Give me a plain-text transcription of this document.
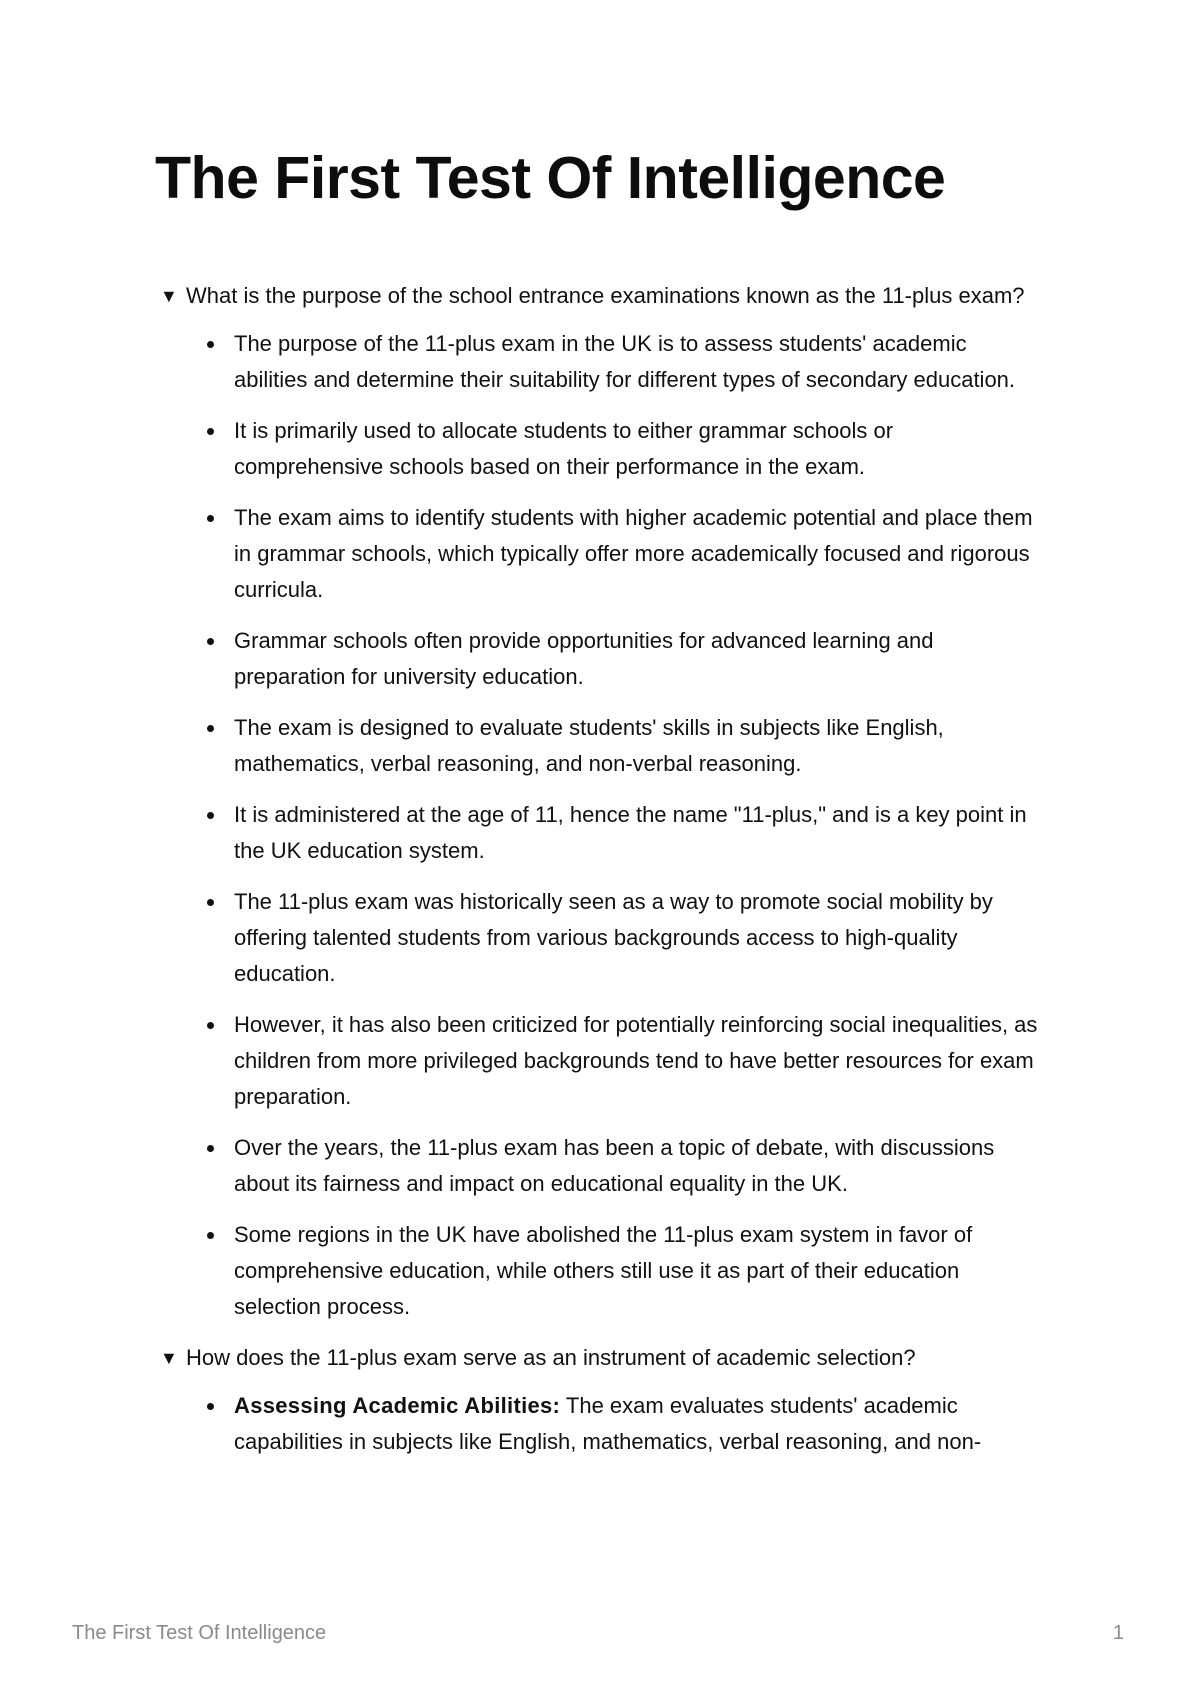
The First Test Of Intelligence
▼ What is the purpose of the school entrance examinations known as the 11-plus exam?
The purpose of the 11-plus exam in the UK is to assess students' academic abilities and determine their suitability for different types of secondary education.
It is primarily used to allocate students to either grammar schools or comprehensive schools based on their performance in the exam.
The exam aims to identify students with higher academic potential and place them in grammar schools, which typically offer more academically focused and rigorous curricula.
Grammar schools often provide opportunities for advanced learning and preparation for university education.
The exam is designed to evaluate students' skills in subjects like English, mathematics, verbal reasoning, and non-verbal reasoning.
It is administered at the age of 11, hence the name "11-plus," and is a key point in the UK education system.
The 11-plus exam was historically seen as a way to promote social mobility by offering talented students from various backgrounds access to high-quality education.
However, it has also been criticized for potentially reinforcing social inequalities, as children from more privileged backgrounds tend to have better resources for exam preparation.
Over the years, the 11-plus exam has been a topic of debate, with discussions about its fairness and impact on educational equality in the UK.
Some regions in the UK have abolished the 11-plus exam system in favor of comprehensive education, while others still use it as part of their education selection process.
▼ How does the 11-plus exam serve as an instrument of academic selection?
Assessing Academic Abilities: The exam evaluates students' academic capabilities in subjects like English, mathematics, verbal reasoning, and non-
The First Test Of Intelligence	1
